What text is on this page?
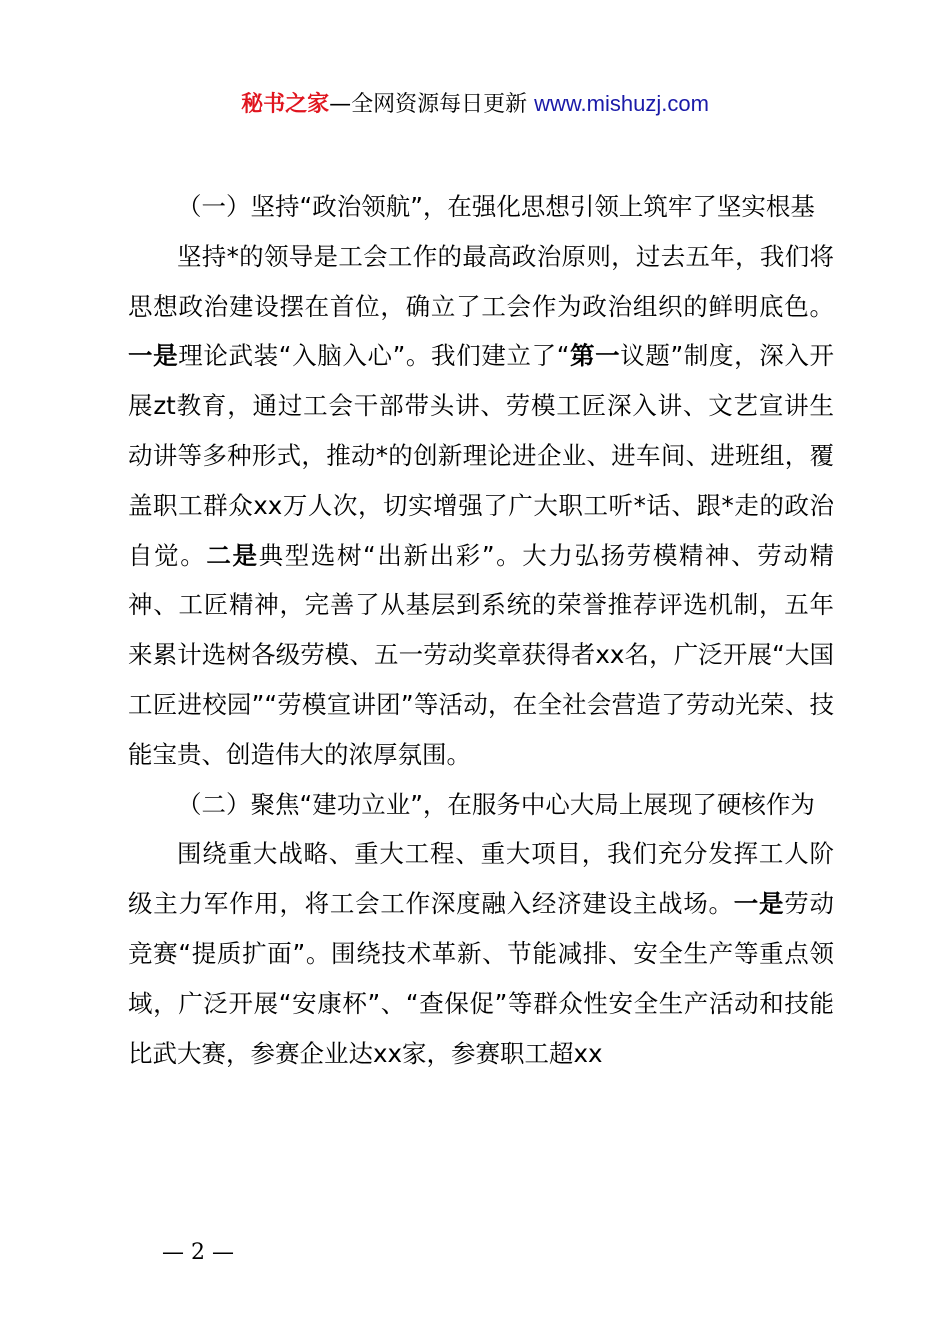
秘书之家—全网资源每日更新 www.mishuzj.com

（一）坚持“政治领航”，在强化思想引领上筑牢了坚实根基

坚持*的领导是工会工作的最高政治原则，过去五年，我们将思想政治建设摆在首位，确立了工会作为政治组织的鲜明底色。一是理论武装“入脑入心”。我们建立了“第一议题”制度，深入开展zt教育，通过工会干部带头讲、劳模工匠深入讲、文艺宣讲生动讲等多种形式，推动*的创新理论进企业、进车间、进班组，覆盖职工群众xx万人次，切实增强了广大职工听*话、跟*走的政治自觉。二是典型选树“出新出彩”。大力弘扬劳模精神、劳动精神、工匠精神，完善了从基层到系统的荣誉推荐评选机制，五年来累计选树各级劳模、五一劳动奖章获得者xx名，广泛开展“大国工匠进校园”“劳模宣讲团”等活动，在全社会营造了劳动光荣、技能宝贵、创造伟大的浓厚氛围。

（二）聚焦“建功立业”，在服务中心大局上展现了硬核作为

围绕重大战略、重大工程、重大项目，我们充分发挥工人阶级主力军作用，将工会工作深度融入经济建设主战场。一是劳动竞赛“提质扩面”。围绕技术革新、节能减排、安全生产等重点领域，广泛开展“安康杯”、“查保促”等群众性安全生产活动和技能比武大赛，参赛企业达xx家，参赛职工超xx

— 2 —
